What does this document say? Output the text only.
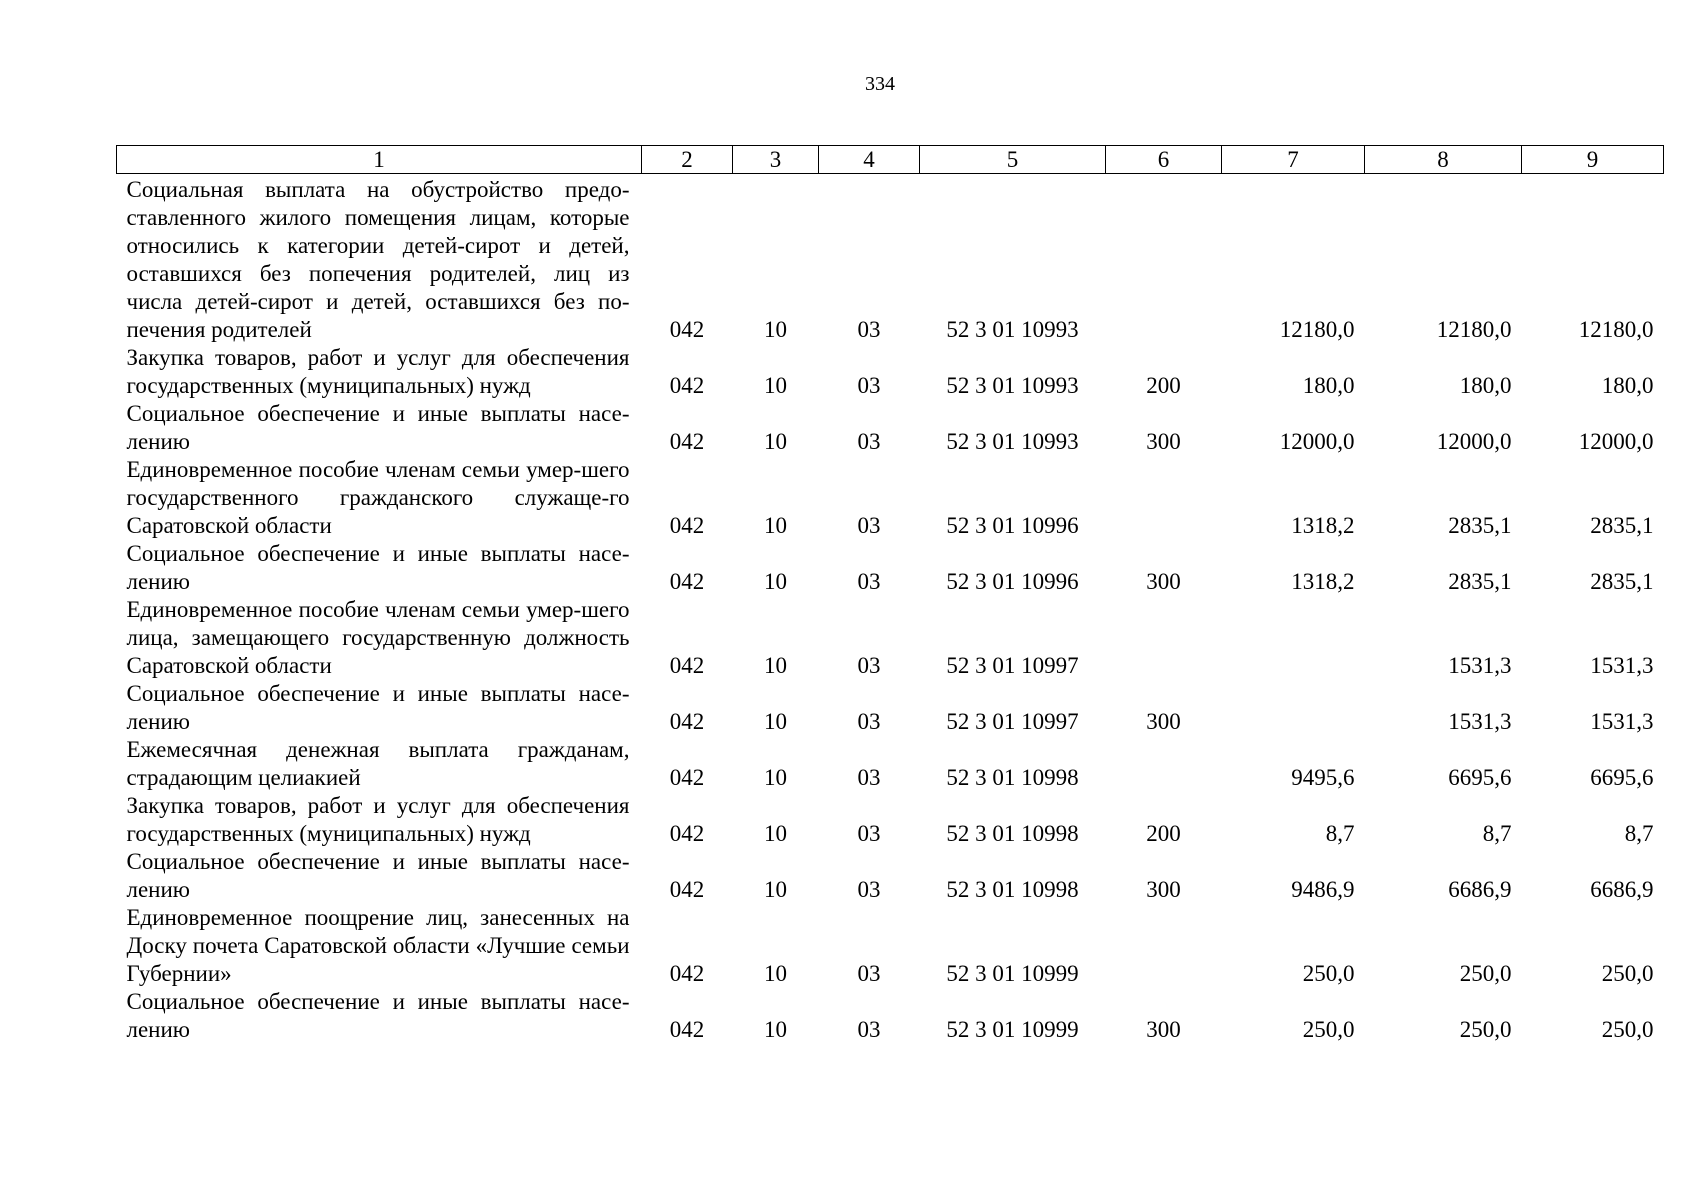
334
1	2	3	4	5	6	7	8	9
Социальная выплата на обустройство предо-ставленного жилого помещения лицам, которые относились к категории детей-сирот и детей, оставшихся без попечения родителей, лиц из числа детей-сирот и детей, оставшихся без по-печения родителей	042	10	03	52 3 01 10993		12180,0	12180,0	12180,0
Закупка товаров, работ и услуг для обеспечения государственных (муниципальных) нужд	042	10	03	52 3 01 10993	200	180,0	180,0	180,0
Социальное обеспечение и иные выплаты насе-лению	042	10	03	52 3 01 10993	300	12000,0	12000,0	12000,0
Единовременное пособие членам семьи умер-шего государственного гражданского служаще-го Саратовской области	042	10	03	52 3 01 10996		1318,2	2835,1	2835,1
Социальное обеспечение и иные выплаты насе-лению	042	10	03	52 3 01 10996	300	1318,2	2835,1	2835,1
Единовременное пособие членам семьи умер-шего лица, замещающего государственную должность Саратовской области	042	10	03	52 3 01 10997			1531,3	1531,3
Социальное обеспечение и иные выплаты насе-лению	042	10	03	52 3 01 10997	300		1531,3	1531,3
Ежемесячная денежная выплата гражданам, страдающим целиакией	042	10	03	52 3 01 10998		9495,6	6695,6	6695,6
Закупка товаров, работ и услуг для обеспечения государственных (муниципальных) нужд	042	10	03	52 3 01 10998	200	8,7	8,7	8,7
Социальное обеспечение и иные выплаты насе-лению	042	10	03	52 3 01 10998	300	9486,9	6686,9	6686,9
Единовременное поощрение лиц, занесенных на Доску почета Саратовской области «Лучшие семьи Губернии»	042	10	03	52 3 01 10999		250,0	250,0	250,0
Социальное обеспечение и иные выплаты насе-лению	042	10	03	52 3 01 10999	300	250,0	250,0	250,0
